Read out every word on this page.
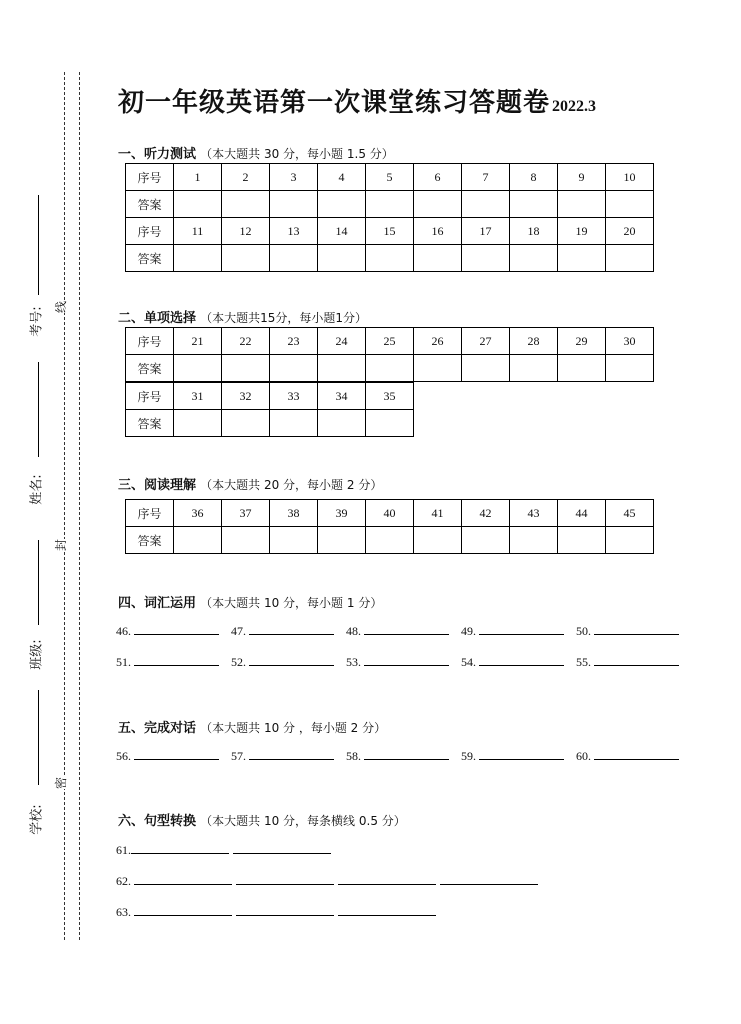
考号:
姓名:
班级:
学校:
线
封
密
初一年级英语第一次课堂练习答题卷 2022.3
一、听力测试 （本大题共 30 分，每小题 1.5 分）
序号	1	2	3	4	5	6	7	8	9	10
答案										
序号	11	12	13	14	15	16	17	18	19	20
答案										
二、单项选择 （本大题共15分，每小题1分）
序号	21	22	23	24	25	26	27	28	29	30
答案										

序号	31	32	33	34	35
答案					
三、阅读理解 （本大题共 20 分，每小题 2 分）
序号	36	37	38	39	40	41	42	43	44	45
答案										
四、词汇运用 （本大题共 10 分，每小题 1 分）
46.	47.	48.	49.	50.
51.	52.	53.	54.	55.
五、完成对话 （本大题共 10 分 ，每小题 2 分）
56.	57.	58.	59.	60.
六、句型转换 （本大题共 10 分，每条横线 0.5 分）
61.
62.
63.
